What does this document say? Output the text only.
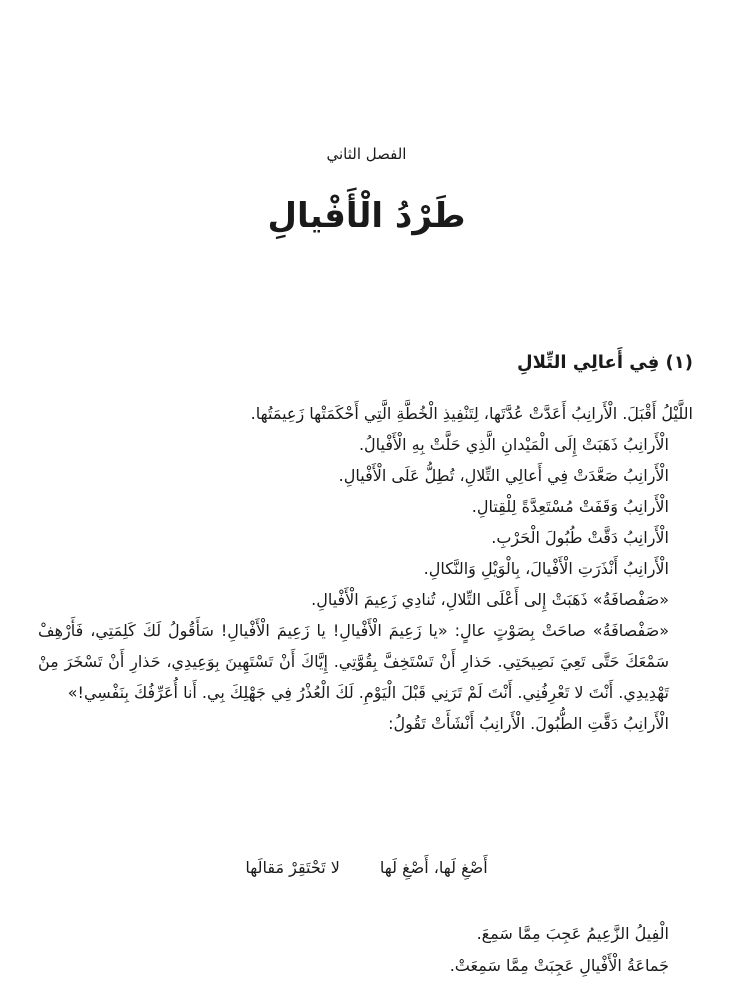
الفصل الثاني
طَرْدُ الْأَفْيالِ
(١) فِي أَعالِي التِّلالِ

اللَّيْلُ أَقْبَلَ. الْأَرانِبُ أَعَدَّتْ عُدَّتَها، لِتَنْفِيذِ الْخُطَّةِ الَّتِي أَحْكَمَتْها زَعِيمَتُها.

الْأَرانِبُ ذَهَبَتْ إِلَى الْمَيْدانِ الَّذِي حَلَّتْ بِهِ الْأَفْيالُ.

الْأَرانِبُ صَعَّدَتْ فِي أَعالِي التِّلالِ، تُطِلُّ عَلَى الْأَفْيالِ.

الْأَرانِبُ وَقَفَتْ مُسْتَعِدَّةً لِلْقِتالِ.

الْأَرانِبُ دَقَّتْ طُبُولَ الْحَرْبِ.

الْأَرانِبُ أَنْذَرَتِ الْأَفْيالَ، بِالْوَيْلِ وَالنَّكالِ.

«صَفْصافَةُ» ذَهَبَتْ إِلى أَعْلَى التِّلالِ، تُنادِي زَعِيمَ الْأَفْيالِ.

«صَفْصافَةُ» صاحَتْ بِصَوْتٍ عالٍ: «يا زَعِيمَ الْأَفْيالِ! يا زَعِيمَ الْأَفْيالِ! سَأَقُولُ لَكَ كَلِمَتِي، فَأَرْهِفْ سَمْعَكَ حَتَّى تَعِيَ نَصِيحَتِي. حَذارِ أَنْ تَسْتَخِفَّ بِقُوَّتِي. إِيَّاكَ أَنْ تَسْتَهِينَ بِوَعِيدِي، حَذارِ أَنْ تَسْخَرَ مِنْ تَهْدِيدِي. أَنْتَ لا تَعْرِفُنِي. أَنْتَ لَمْ تَرَنِي قَبْلَ الْيَوْمِ. لَكَ الْعُذْرُ فِي جَهْلِكَ بِي. أَنا أُعَرِّفُكَ بِنَفْسِي!»

الْأَرانِبُ دَقَّتِ الطُّبُولَ. الْأَرانِبُ أَنْشَأَتْ تَقُولُ:

أَصْغِ لَها، أَصْغِ لَها
لا تَحْتَقِرْ مَقالَها

الْفِيلُ الزَّعِيمُ عَجِبَ مِمَّا سَمِعَ.

جَماعَةُ الْأَفْيالِ عَجِبَتْ مِمَّا سَمِعَتْ.
